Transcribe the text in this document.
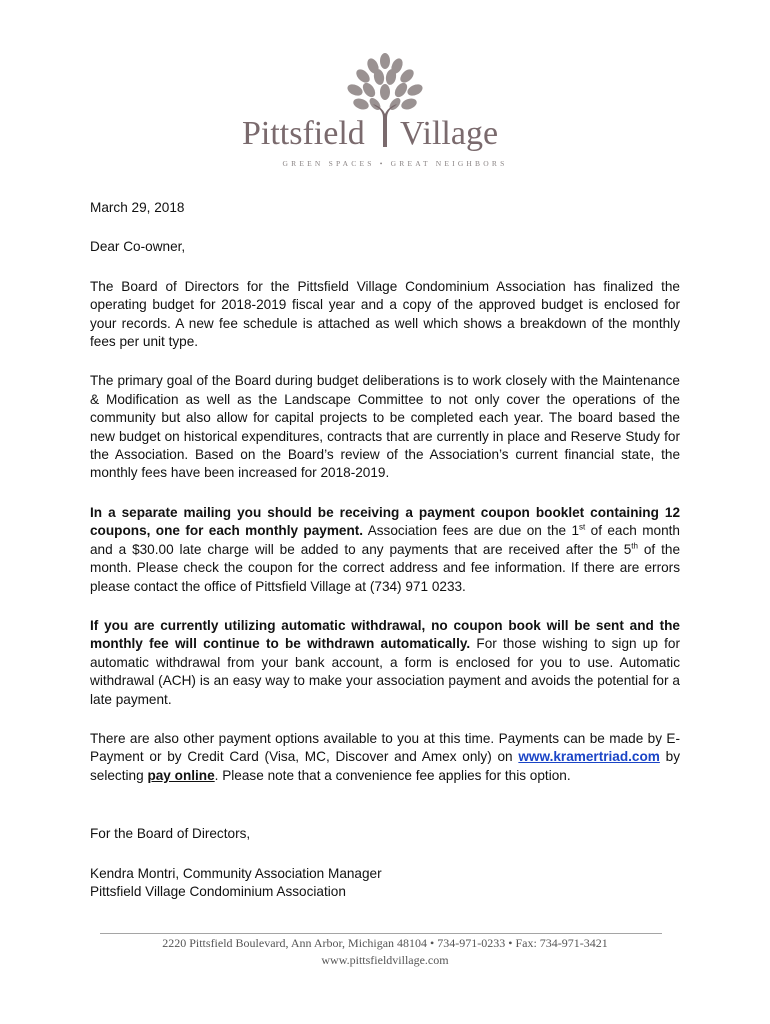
Pittsfield Village
GREEN SPACES • GREAT NEIGHBORS

March 29, 2018

Dear Co-owner,

The Board of Directors for the Pittsfield Village Condominium Association has finalized the operating budget for 2018-2019 fiscal year and a copy of the approved budget is enclosed for your records. A new fee schedule is attached as well which shows a breakdown of the monthly fees per unit type.

The primary goal of the Board during budget deliberations is to work closely with the Maintenance & Modification as well as the Landscape Committee to not only cover the operations of the community but also allow for capital projects to be completed each year. The board based the new budget on historical expenditures, contracts that are currently in place and Reserve Study for the Association. Based on the Board’s review of the Association’s current financial state, the monthly fees have been increased for 2018-2019.

In a separate mailing you should be receiving a payment coupon booklet containing 12 coupons, one for each monthly payment. Association fees are due on the 1st of each month and a $30.00 late charge will be added to any payments that are received after the 5th of the month. Please check the coupon for the correct address and fee information. If there are errors please contact the office of Pittsfield Village at (734) 971 0233.

If you are currently utilizing automatic withdrawal, no coupon book will be sent and the monthly fee will continue to be withdrawn automatically. For those wishing to sign up for automatic withdrawal from your bank account, a form is enclosed for you to use. Automatic withdrawal (ACH) is an easy way to make your association payment and avoids the potential for a late payment.

There are also other payment options available to you at this time. Payments can be made by E-Payment or by Credit Card (Visa, MC, Discover and Amex only) on www.kramertriad.com by selecting pay online. Please note that a convenience fee applies for this option.

For the Board of Directors,

Kendra Montri, Community Association Manager

Pittsfield Village Condominium Association

2220 Pittsfield Boulevard, Ann Arbor, Michigan 48104 • 734-971-0233 • Fax: 734-971-3421
www.pittsfieldvillage.com
